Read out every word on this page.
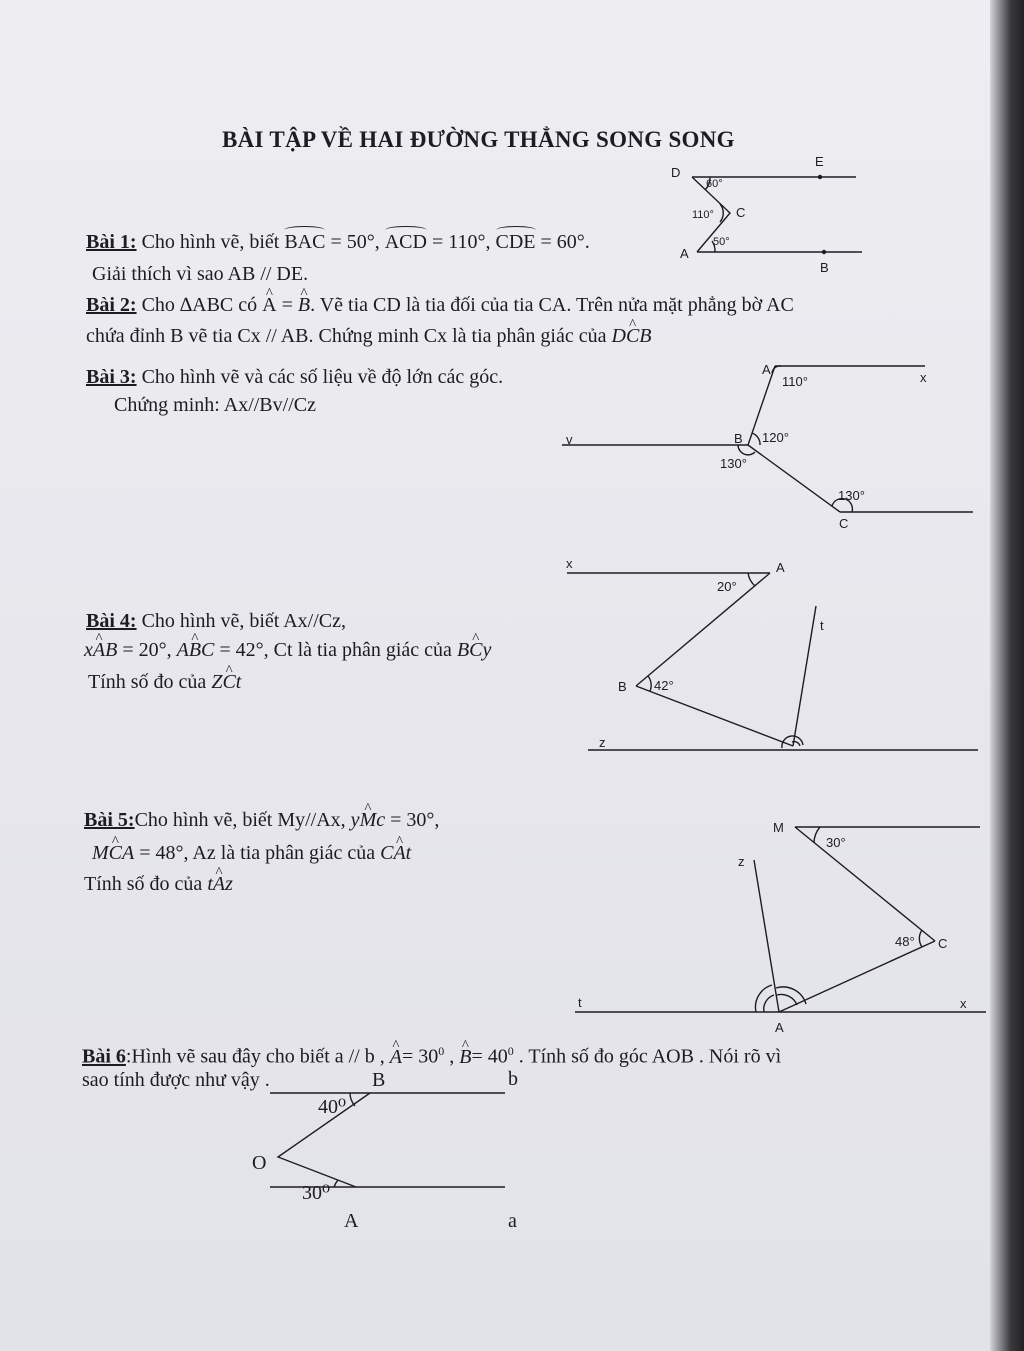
BÀI TẬP VỀ HAI ĐƯỜNG THẲNG SONG SONG
Bài 1: Cho hình vẽ, biết BAC = 50°, ACD = 110°, CDE = 60°.
Giải thích vì sao AB // DE.
Bài 2: Cho ∆ABC có ^ A = ^ B. Vẽ tia CD là tia đối của tia CA. Trên nửa mặt phẳng bờ AC
chứa đỉnh B vẽ tia Cx // AB. Chứng minh Cx là tia phân giác của D^ CB
Bài 3: Cho hình vẽ và các số liệu về độ lớn các góc.
Chứng minh: Ax//Bv//Cz
Bài 4: Cho hình vẽ, biết Ax//Cz,
x^ AB = 20°, A^ BC = 42°, Ct là tia phân giác của B^ Cy
Tính số đo của Z^ Ct
Bài 5:Cho hình vẽ, biết My//Ax, y^ Mc = 30°,
M^ CA = 48°, Az là tia phân giác của C^ At
Tính số đo của t^ Az
Bài 6:Hình vẽ sau đây cho biết a // b , ^ $A= 30^0$ , ^ $B= 40^0$ . Tính số đo góc AOB . Nói rõ vì
sao tính được như vậy .
D
E
C
A
B
60°
110°
50°
A
x
110°
v	B 120°
130°
130°
C
x	A
20°
t
B 42°
z
M
30°
z
48° C
t	x
A
B	b
40⁰
O
30⁰
A	a
